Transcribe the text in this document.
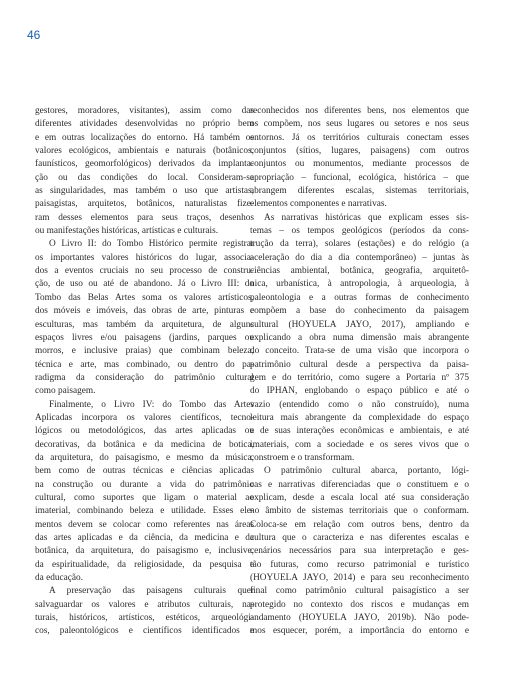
46
gestores, moradores, visitantes), assim como das
diferentes atividades desenvolvidas no próprio bem
e em outras localizações do entorno. Há também os
valores ecológicos, ambientais e naturais (botânicos,
faunísticos, geomorfológicos) derivados da implanta-
ção ou das condições do local. Consideram-se
as singularidades, mas também o uso que artistas,
paisagistas, arquitetos, botânicos, naturalistas fize-
ram desses elementos para seus traços, desenhos
ou manifestações históricas, artísticas e culturais.
O Livro II: do Tombo Histórico permite registrar
os importantes valores históricos do lugar, associa-
dos a eventos cruciais no seu processo de constru-
ção, de uso ou até de abandono. Já o Livro III: do
Tombo das Belas Artes soma os valores artísticos,
dos móveis e imóveis, das obras de arte, pinturas e
esculturas, mas também da arquitetura, de alguns
espaços livres e/ou paisagens (jardins, parques ou
morros, e inclusive praias) que combinam beleza,
técnica e arte, mas combinado, ou dentro do pa-
radigma da consideração do patrimônio cultural
como paisagem.
Finalmente, o Livro IV: do Tombo das Artes
Aplicadas incorpora os valores científicos, tecno-
lógicos ou metodológicos, das artes aplicadas ou
decorativas, da botânica e da medicina de botica,
da arquitetura, do paisagismo, e mesmo da música,
bem como de outras técnicas e ciências aplicadas
na construção ou durante a vida do patrimônio
cultural, como suportes que ligam o material ao
imaterial, combinando beleza e utilidade. Esses ele-
mentos devem se colocar como referentes nas áreas
das artes aplicadas e da ciência, da medicina e da
botânica, da arquitetura, do paisagismo e, inclusive,
da espiritualidade, da religiosidade, da pesquisa e
da educação.
A preservação das paisagens culturais quer
salvaguardar os valores e atributos culturais, na-
turais, históricos, artísticos, estéticos, arqueológi-
cos, paleontológicos e científicos identificados e
reconhecidos nos diferentes bens, nos elementos que
os compõem, nos seus lugares ou setores e nos seus
entornos. Já os territórios culturais conectam esses
conjuntos (sítios, lugares, paisagens) com outros
conjuntos ou monumentos, mediante processos de
apropriação – funcional, ecológica, histórica – que
abrangem diferentes escalas, sistemas territoriais,
elementos componentes e narrativas.
As narrativas históricas que explicam esses sis-
temas – os tempos geológicos (períodos da cons-
trução da terra), solares (estações) e do relógio (a
aceleração do dia a dia contemporâneo) – juntas às
ciências ambiental, botânica, geografia, arquitetô-
nica, urbanística, à antropologia, à arqueologia, à
paleontologia e a outras formas de conhecimento
compõem a base do conhecimento da paisagem
cultural (HOYUELA JAYO, 2017), ampliando e
explicando a obra numa dimensão mais abrangente
do conceito. Trata-se de uma visão que incorpora o
patrimônio cultural desde a perspectiva da paisa-
gem e do território, como sugere a Portaria nº 375
do IPHAN, englobando o espaço público e até o
vazio (entendido como o não construído), numa
leitura mais abrangente da complexidade do espaço
e de suas interações econômicas e ambientais, e até
imateriais, com a sociedade e os seres vivos que o
constroem e o transformam.
O patrimônio cultural abarca, portanto, lógi-
cas e narrativas diferenciadas que o constituem e o
explicam, desde a escala local até sua consideração
no âmbito de sistemas territoriais que o conformam.
Coloca-se em relação com outros bens, dentro da
cultura que o caracteriza e nas diferentes escalas e
cenários necessários para sua interpretação e ges-
tão futuras, como recurso patrimonial e turístico
(HOYUELA JAYO, 2014) e para seu reconhecimento
final como patrimônio cultural paisagístico a ser
protegido no contexto dos riscos e mudanças em
andamento (HOYUELA JAYO, 2019b). Não pode-
mos esquecer, porém, a importância do entorno e
